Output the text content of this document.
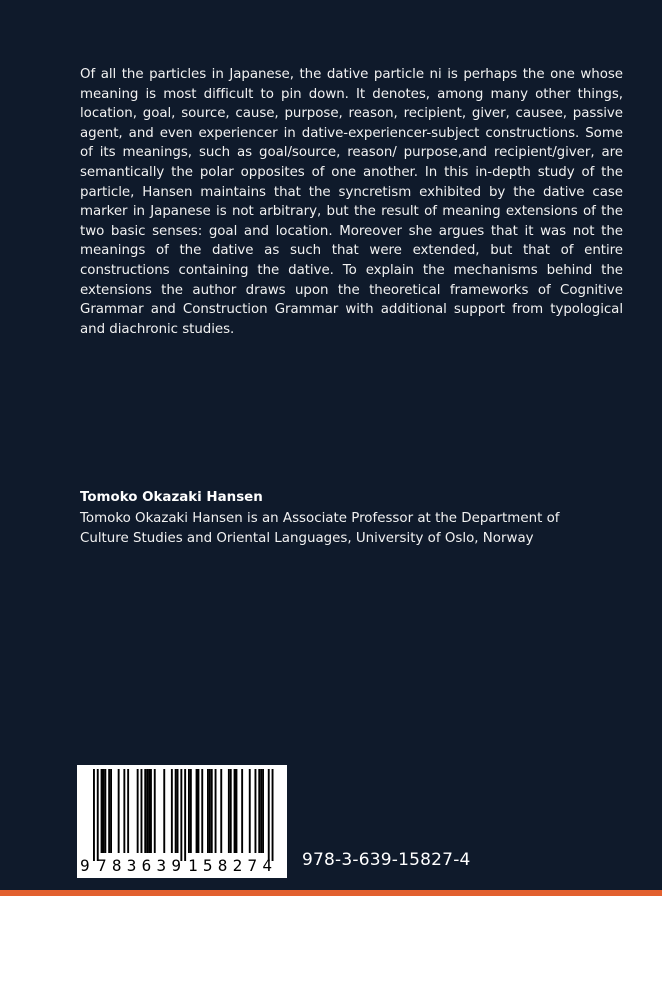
Of all the particles in Japanese, the dative particle ni is perhaps the one whose meaning is most difficult to pin down. It denotes, among many other things, location, goal, source, cause, purpose, reason, recipient, giver, causee, passive agent, and even experiencer in dative-experiencer-subject constructions. Some of its meanings, such as goal/source, reason/ purpose,and recipient/giver, are semantically the polar opposites of one another. In this in-depth study of the particle, Hansen maintains that the syncretism exhibited by the dative case marker in Japanese is not arbitrary, but the result of meaning extensions of the two basic senses: goal and location. Moreover she argues that it was not the meanings of the dative as such that were extended, but that of entire constructions containing the dative. To explain the mechanisms behind the extensions the author draws upon the theoretical frameworks of Cognitive Grammar and Construction Grammar with additional support from typological and diachronic studies.

Tomoko Okazaki Hansen

Tomoko Okazaki Hansen is an Associate Professor at the Department of Culture Studies and Oriental Languages, University of Oslo, Norway

9 783639 158274 978-3-639-15827-4
